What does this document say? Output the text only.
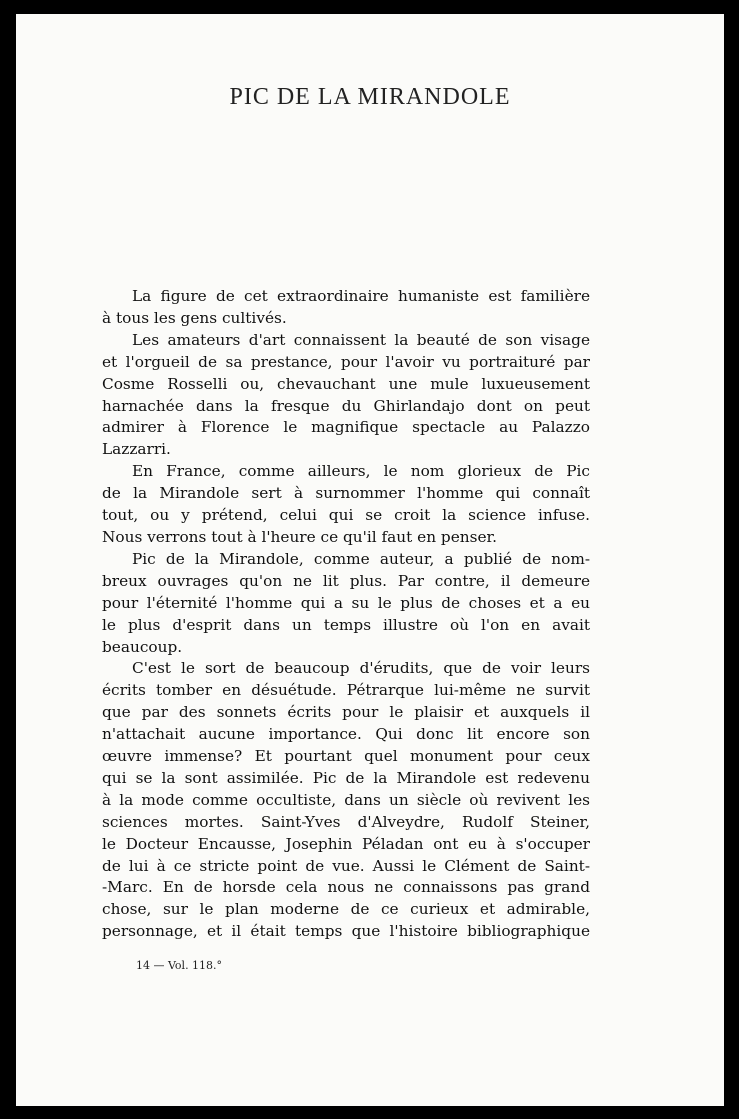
PIC DE LA MIRANDOLE
La figure de cet extraordinaire humaniste est familière
à tous les gens cultivés.
Les amateurs d'art connaissent la beauté de son visage
et l'orgueil de sa prestance, pour l'avoir vu portraituré par
Cosme Rosselli ou, chevauchant une mule luxueusement
harnachée dans la fresque du Ghirlandajo dont on peut
admirer à Florence le magnifique spectacle au Palazzo
Lazzarri.
En France, comme ailleurs, le nom glorieux de Pic
de la Mirandole sert à surnommer l'homme qui connaît
tout, ou y prétend, celui qui se croit la science infuse.
Nous verrons tout à l'heure ce qu'il faut en penser.
Pic de la Mirandole, comme auteur, a publié de nom-
breux ouvrages qu'on ne lit plus. Par contre, il demeure
pour l'éternité l'homme qui a su le plus de choses et a eu
le plus d'esprit dans un temps illustre où l'on en avait
beaucoup.
C'est le sort de beaucoup d'érudits, que de voir leurs
écrits tomber en désuétude. Pétrarque lui-même ne survit
que par des sonnets écrits pour le plaisir et auxquels il
n'attachait aucune importance. Qui donc lit encore son
œuvre immense? Et pourtant quel monument pour ceux
qui se la sont assimilée. Pic de la Mirandole est redevenu
à la mode comme occultiste, dans un siècle où revivent les
sciences mortes. Saint-Yves d'Alveydre, Rudolf Steiner,
le Docteur Encausse, Josephin Péladan ont eu à s'occuper
de lui à ce stricte point de vue. Aussi le Clément de Saint-
-Marc. En de horsde cela nous ne connaissons pas grand
chose, sur le plan moderne de ce curieux et admirable,
personnage, et il était temps que l'histoire bibliographique
14 — Vol. 118.°
